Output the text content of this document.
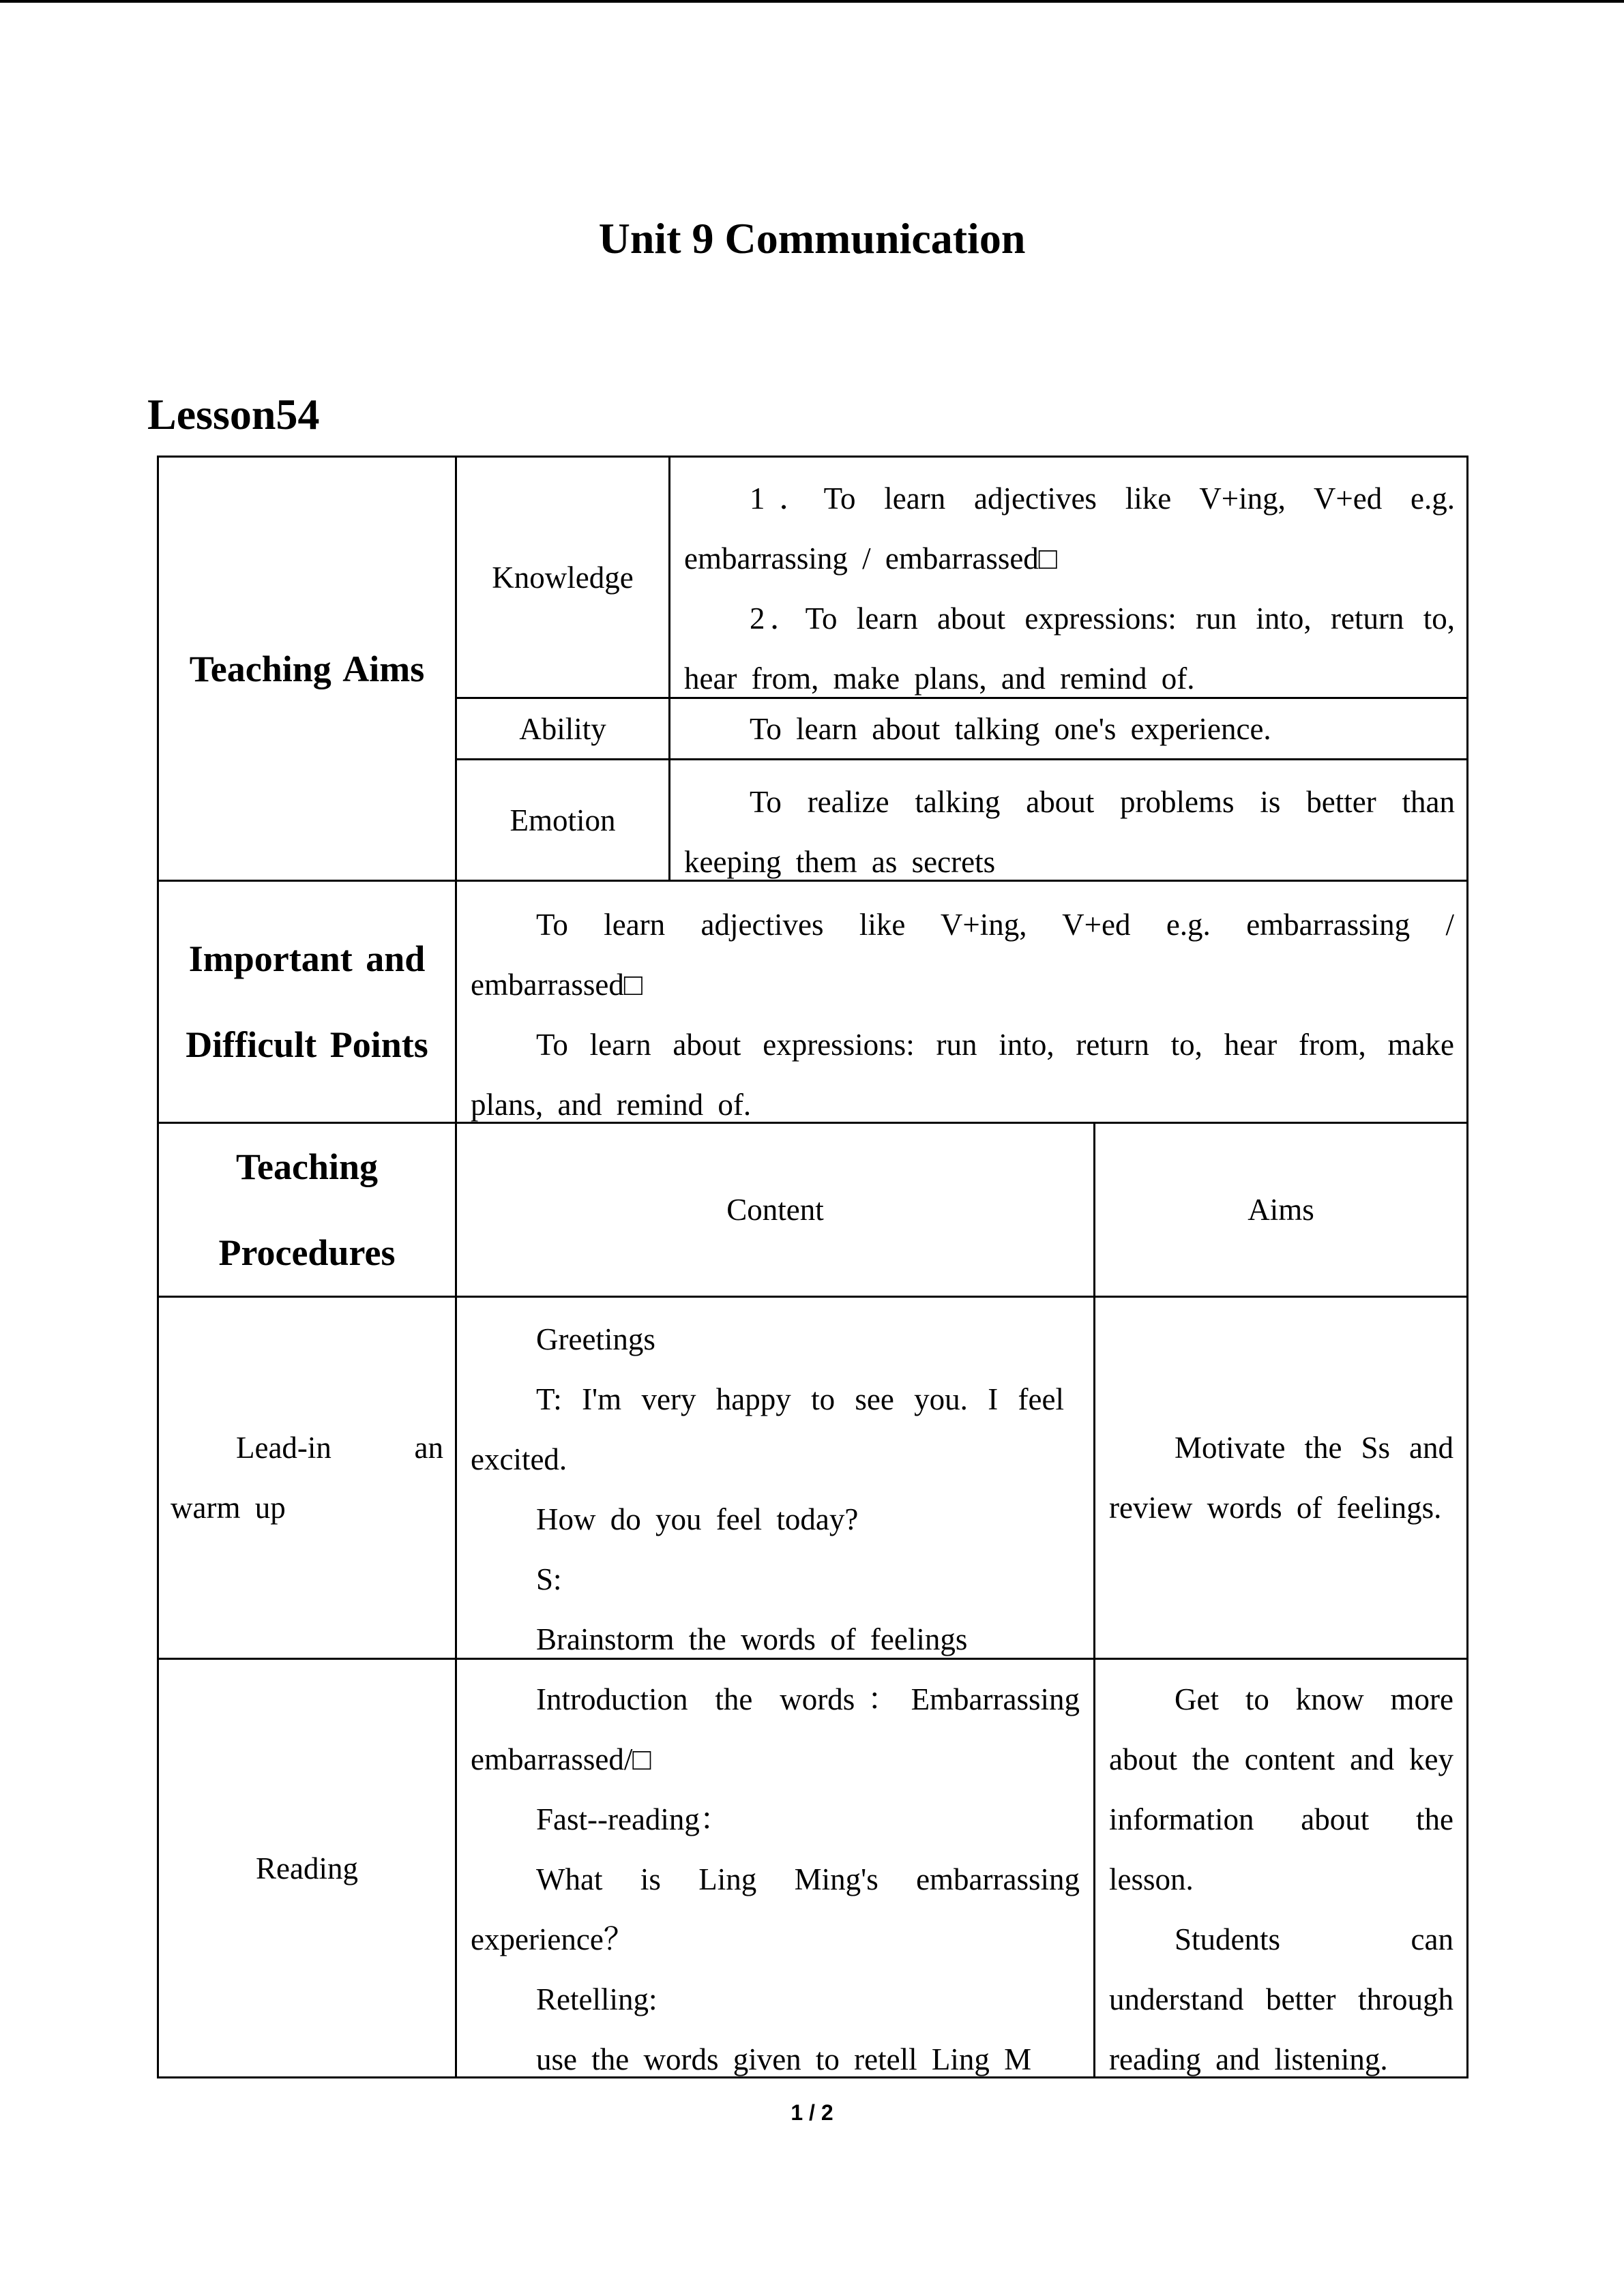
Unit 9 Communication
Lesson54
Teaching Aims
Knowledge
1．To learn adjectives like V+ing, V+ed e.g. embarrassing / embarrassed□
2．To learn about expressions: run into, return to, hear from, make plans, and remind of.
Ability	To learn about talking one's experience.
Emotion
To realize talking about problems is better than keeping them as secrets
Important and
Difficult Points
To learn adjectives like V+ing, V+ed e.g. embarrassing / embarrassed□
To learn about expressions: run into, return to, hear from, make plans, and remind of.
Teaching
Procedures
Content	Aims
Lead-in an warm up
Greetings
T: I'm very happy to see you. I feel excited.
How do you feel today?
S:
Brainstorm the words of feelings
Motivate the Ss and review words of feelings.
Reading
Introduction the words：Embarrassing embarrassed/□
Fast--reading：
What is Ling Ming's embarrassing experience？
Retelling:
use the words given to retell Ling M
Get to know more about the content and key information about the lesson.
Students can understand better through reading and listening.
1 / 2
